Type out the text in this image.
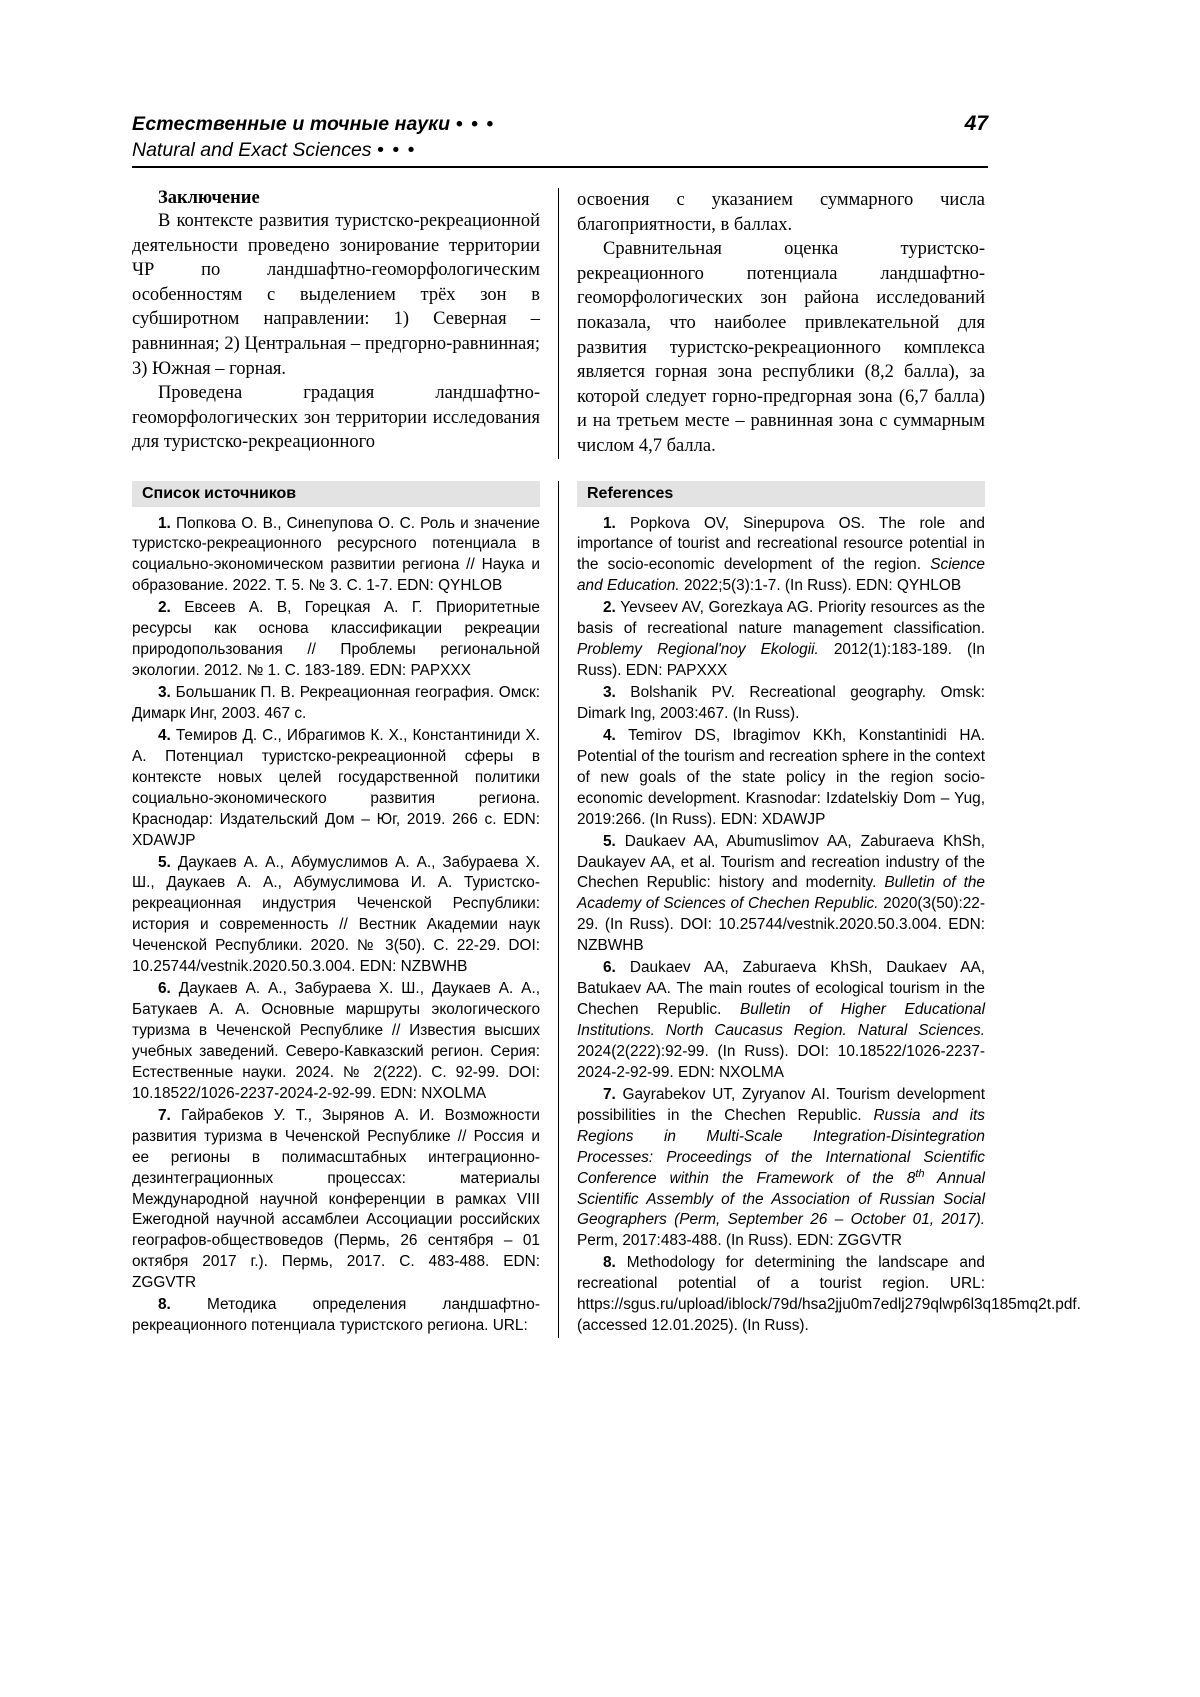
Естественные и точные науки • • •	47
Natural and Exact Sciences • • •

Заключение

В контексте развития туристско-рекреационной деятельности проведено зонирование территории ЧР по ландшафтно-геоморфологическим особенностям с выделением трёх зон в субширотном направлении: 1) Северная – равнинная; 2) Центральная – предгорно-равнинная; 3) Южная – горная.

Проведена градация ландшафтно-геоморфологических зон территории исследования для туристско-рекреационного

освоения с указанием суммарного числа благоприятности, в баллах.

Сравнительная оценка туристско-рекреационного потенциала ландшафтно-геоморфологических зон района исследований показала, что наиболее привлекательной для развития туристско-рекреационного комплекса является горная зона республики (8,2 балла), за которой следует горно-предгорная зона (6,7 балла) и на третьем месте – равнинная зона с суммарным числом 4,7 балла.

Список источников

1. Попкова О. В., Синепупова О. С. Роль и значение туристско-рекреационного ресурсного потенциала в социально-экономическом развитии региона // Наука и образование. 2022. Т. 5. № 3. С. 1-7. EDN: QYHLOB

2. Евсеев А. В, Горецкая А. Г. Приоритетные ресурсы как основа классификации рекреации природопользования // Проблемы региональной экологии. 2012. № 1. С. 183-189. EDN: PAPXXX

3. Большаник П. В. Рекреационная география. Омск: Димарк Инг, 2003. 467 с.

4. Темиров Д. С., Ибрагимов К. Х., Константиниди Х. А. Потенциал туристско-рекреационной сферы в контексте новых целей государственной политики социально-экономического развития региона. Краснодар: Издательский Дом – Юг, 2019. 266 с. EDN: XDAWJP

5. Даукаев А. А., Абумуслимов А. А., Забураева Х. Ш., Даукаев А. А., Абумуслимова И. А. Туристско-рекреационная индустрия Чеченской Республики: история и современность // Вестник Академии наук Чеченской Республики. 2020. № 3(50). С. 22-29. DOI: 10.25744/vestnik.2020.50.3.004. EDN: NZBWHB

6. Даукаев А. А., Забураева Х. Ш., Даукаев А. А., Батукаев А. А. Основные маршруты экологического туризма в Чеченской Республике // Известия высших учебных заведений. Северо-Кавказский регион. Серия: Естественные науки. 2024. № 2(222). С. 92-99. DOI: 10.18522/1026-2237-2024-2-92-99. EDN: NXOLMA

7. Гайрабеков У. Т., Зырянов А. И. Возможности развития туризма в Чеченской Республике // Россия и ее регионы в полимасштабных интеграционно-дезинтеграционных процессах: материалы Международной научной конференции в рамках VIII Ежегодной научной ассамблеи Ассоциации российских географов-обществоведов (Пермь, 26 сентября – 01 октября 2017 г.). Пермь, 2017. С. 483-488. EDN: ZGGVTR

8. Методика определения ландшафтно-рекреационного потенциала туристского региона. URL:

References

1. Popkova OV, Sinepupova OS. The role and importance of tourist and recreational resource potential in the socio-economic development of the region. Science and Education. 2022;5(3):1-7. (In Russ). EDN: QYHLOB

2. Yevseev AV, Gorezkaya AG. Priority resources as the basis of recreational nature management classification. Problemy Regional'noy Ekologii. 2012(1):183-189. (In Russ). EDN: PAPXXX

3. Bolshanik PV. Recreational geography. Omsk: Dimark Ing, 2003:467. (In Russ).

4. Temirov DS, Ibragimov KKh, Konstantinidi HA. Potential of the tourism and recreation sphere in the context of new goals of the state policy in the region socio-economic development. Krasnodar: Izdatelskiy Dom – Yug, 2019:266. (In Russ). EDN: XDAWJP

5. Daukaev AA, Abumuslimov AA, Zaburaeva KhSh, Daukayev AA, et al. Tourism and recreation industry of the Chechen Republic: history and modernity. Bulletin of the Academy of Sciences of Chechen Republic. 2020(3(50):22-29. (In Russ). DOI: 10.25744/vestnik.2020.50.3.004. EDN: NZBWHB

6. Daukaev AA, Zaburaeva KhSh, Daukaev AA, Batukaev AA. The main routes of ecological tourism in the Chechen Republic. Bulletin of Higher Educational Institutions. North Caucasus Region. Natural Sciences. 2024(2(222):92-99. (In Russ). DOI: 10.18522/1026-2237-2024-2-92-99. EDN: NXOLMA

7. Gayrabekov UT, Zyryanov AI. Tourism development possibilities in the Chechen Republic. Russia and its Regions in Multi-Scale Integration-Disintegration Processes: Proceedings of the International Scientific Conference within the Framework of the 8th Annual Scientific Assembly of the Association of Russian Social Geographers (Perm, September 26 – October 01, 2017). Perm, 2017:483-488. (In Russ). EDN: ZGGVTR

8. Methodology for determining the landscape and recreational potential of a tourist region. URL: https://sgus.ru/upload/iblock/79d/hsa2jju0m7edlj279qlwp6l3q185mq2t.pdf. (accessed 12.01.2025). (In Russ).
